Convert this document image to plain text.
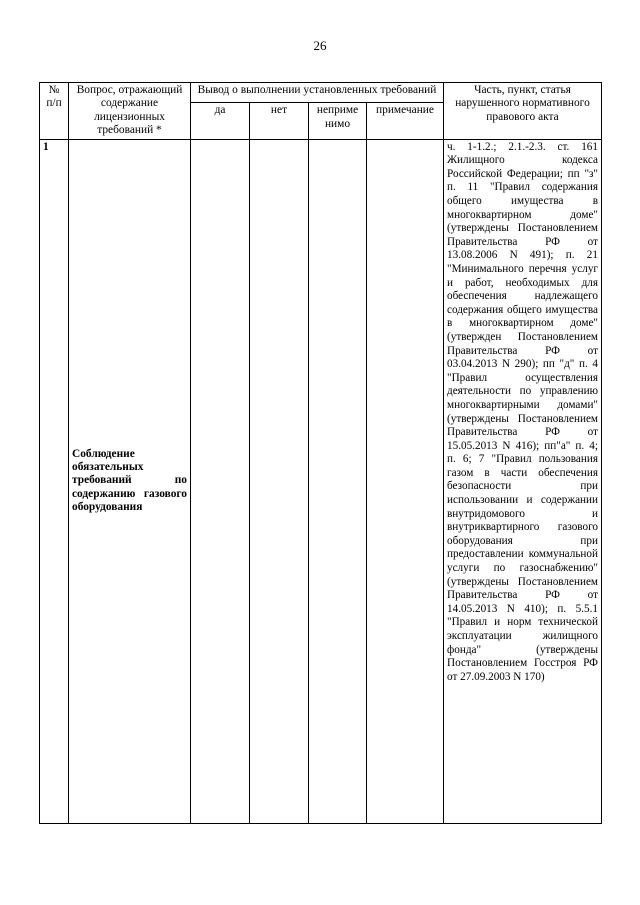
26
№ п/п	Вопрос, отражающий содержание лицензионных требований *	Вывод о выполнении установленных требований				Часть, пункт, статья нарушенного нормативного правового акта
		да	нет	неприме нимо	примечание	
1	Соблюдение обязательных требований по содержанию газового оборудования					ч. 1-1.2.; 2.1.-2.3. ст. 161 Жилищного кодекса Российской Федерации; пп "з" п. 11 "Правил содержания общего имущества в многоквартирном доме" (утверждены Постановлением Правительства РФ от 13.08.2006 N 491); п. 21 "Минимального перечня услуг и работ, необходимых для обеспечения надлежащего содержания общего имущества в многоквартирном доме" (утвержден Постановлением Правительства РФ от 03.04.2013 N 290); пп "д" п. 4 "Правил осуществления деятельности по управлению многоквартирными домами" (утверждены Постановлением Правительства РФ от 15.05.2013 N 416); пп"а" п. 4; п. 6; 7 "Правил пользования газом в части обеспечения безопасности при использовании и содержании внутридомового и внутриквартирного газового оборудования при предоставлении коммунальной услуги по газоснабжению" (утверждены Постановлением Правительства РФ от 14.05.2013 N 410); п. 5.5.1 "Правил и норм технической эксплуатации жилищного фонда" (утверждены Постановлением Госстроя РФ от 27.09.2003 N 170)
